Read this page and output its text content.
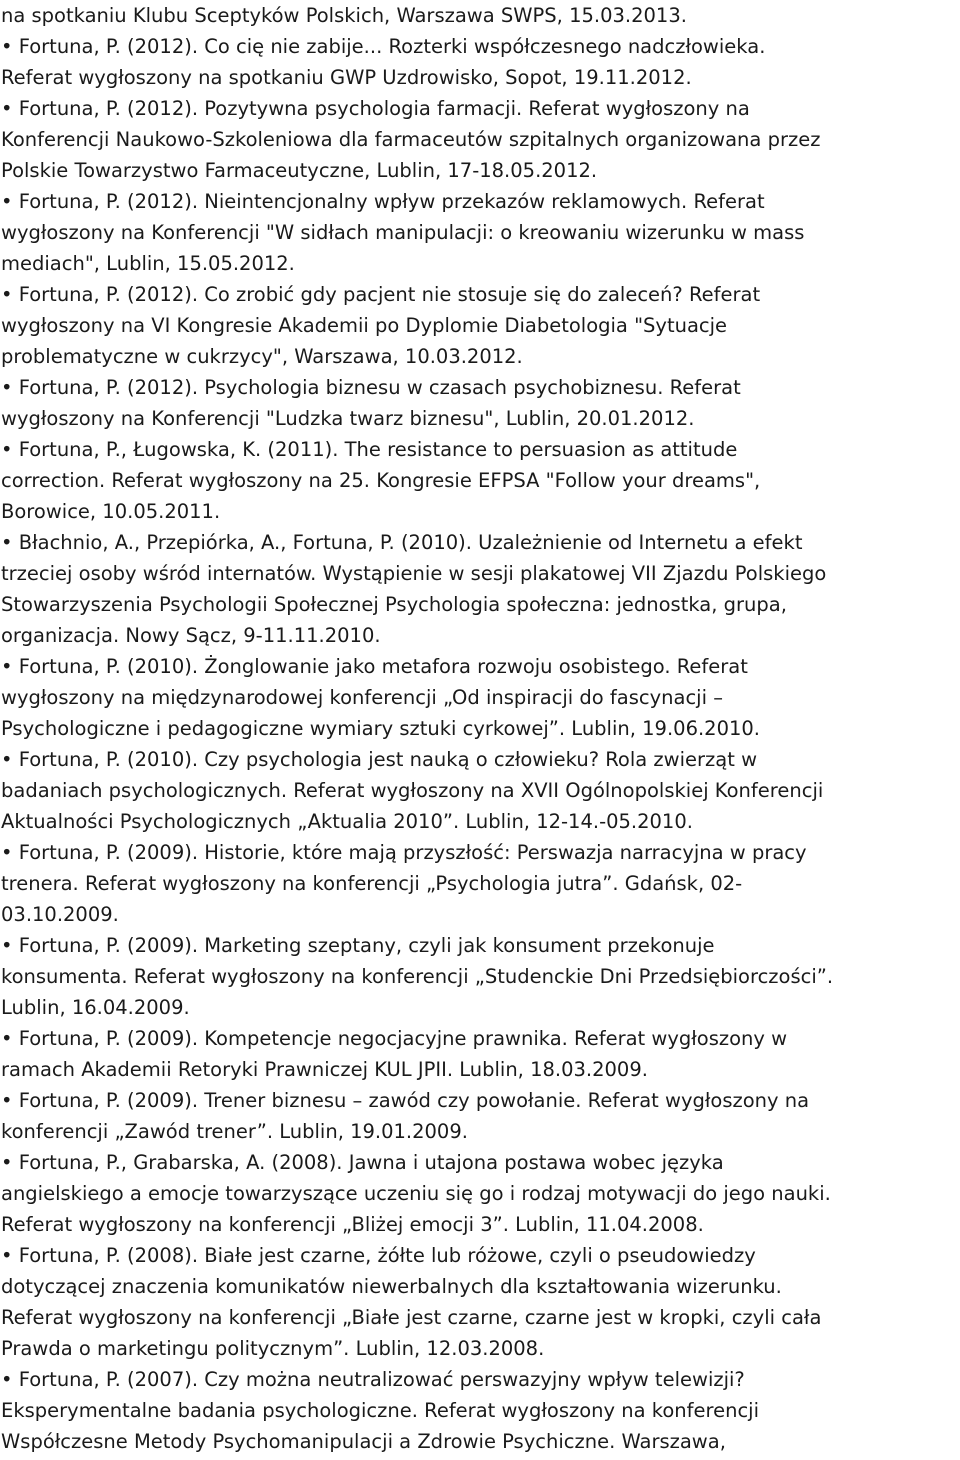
na spotkaniu Klubu Sceptyków Polskich, Warszawa SWPS, 15.03.2013.

• Fortuna, P. (2012). Co cię nie zabije... Rozterki współczesnego nadczłowieka.

Referat wygłoszony na spotkaniu GWP Uzdrowisko, Sopot, 19.11.2012.

• Fortuna, P. (2012). Pozytywna psychologia farmacji. Referat wygłoszony na

Konferencji Naukowo-Szkoleniowa dla farmaceutów szpitalnych organizowana przez

Polskie Towarzystwo Farmaceutyczne, Lublin, 17-18.05.2012.

• Fortuna, P. (2012). Nieintencjonalny wpływ przekazów reklamowych. Referat

wygłoszony na Konferencji "W sidłach manipulacji: o kreowaniu wizerunku w mass

mediach", Lublin, 15.05.2012.

• Fortuna, P. (2012). Co zrobić gdy pacjent nie stosuje się do zaleceń? Referat

wygłoszony na VI Kongresie Akademii po Dyplomie Diabetologia "Sytuacje

problematyczne w cukrzycy", Warszawa, 10.03.2012.

• Fortuna, P. (2012). Psychologia biznesu w czasach psychobiznesu. Referat

wygłoszony na Konferencji "Ludzka twarz biznesu", Lublin, 20.01.2012.

• Fortuna, P., Ługowska, K. (2011). The resistance to persuasion as attitude

correction. Referat wygłoszony na 25. Kongresie EFPSA "Follow your dreams",

Borowice, 10.05.2011.

• Błachnio, A., Przepiórka, A., Fortuna, P. (2010). Uzależnienie od Internetu a efekt

trzeciej osoby wśród internatów. Wystąpienie w sesji plakatowej VII Zjazdu Polskiego

Stowarzyszenia Psychologii Społecznej Psychologia społeczna: jednostka, grupa,

organizacja. Nowy Sącz, 9-11.11.2010.

• Fortuna, P. (2010). Żonglowanie jako metafora rozwoju osobistego. Referat

wygłoszony na międzynarodowej konferencji „Od inspiracji do fascynacji –

Psychologiczne i pedagogiczne wymiary sztuki cyrkowej”. Lublin, 19.06.2010.

• Fortuna, P. (2010). Czy psychologia jest nauką o człowieku? Rola zwierząt w

badaniach psychologicznych. Referat wygłoszony na XVII Ogólnopolskiej Konferencji

Aktualności Psychologicznych „Aktualia 2010”. Lublin, 12-14.-05.2010.

• Fortuna, P. (2009). Historie, które mają przyszłość: Perswazja narracyjna w pracy

trenera. Referat wygłoszony na konferencji „Psychologia jutra”. Gdańsk, 02-

03.10.2009.

• Fortuna, P. (2009). Marketing szeptany, czyli jak konsument przekonuje

konsumenta. Referat wygłoszony na konferencji „Studenckie Dni Przedsiębiorczości”.

Lublin, 16.04.2009.

• Fortuna, P. (2009). Kompetencje negocjacyjne prawnika. Referat wygłoszony w

ramach Akademii Retoryki Prawniczej KUL JPII. Lublin, 18.03.2009.

• Fortuna, P. (2009). Trener biznesu – zawód czy powołanie. Referat wygłoszony na

konferencji „Zawód trener”. Lublin, 19.01.2009.

• Fortuna, P., Grabarska, A. (2008). Jawna i utajona postawa wobec języka

angielskiego a emocje towarzyszące uczeniu się go i rodzaj motywacji do jego nauki.

Referat wygłoszony na konferencji „Bliżej emocji 3”. Lublin, 11.04.2008.

• Fortuna, P. (2008). Białe jest czarne, żółte lub różowe, czyli o pseudowiedzy

dotyczącej znaczenia komunikatów niewerbalnych dla kształtowania wizerunku.

Referat wygłoszony na konferencji „Białe jest czarne, czarne jest w kropki, czyli cała

Prawda o marketingu politycznym”. Lublin, 12.03.2008.

• Fortuna, P. (2007). Czy można neutralizować perswazyjny wpływ telewizji?

Eksperymentalne badania psychologiczne. Referat wygłoszony na konferencji

Współczesne Metody Psychomanipulacji a Zdrowie Psychiczne. Warszawa,
